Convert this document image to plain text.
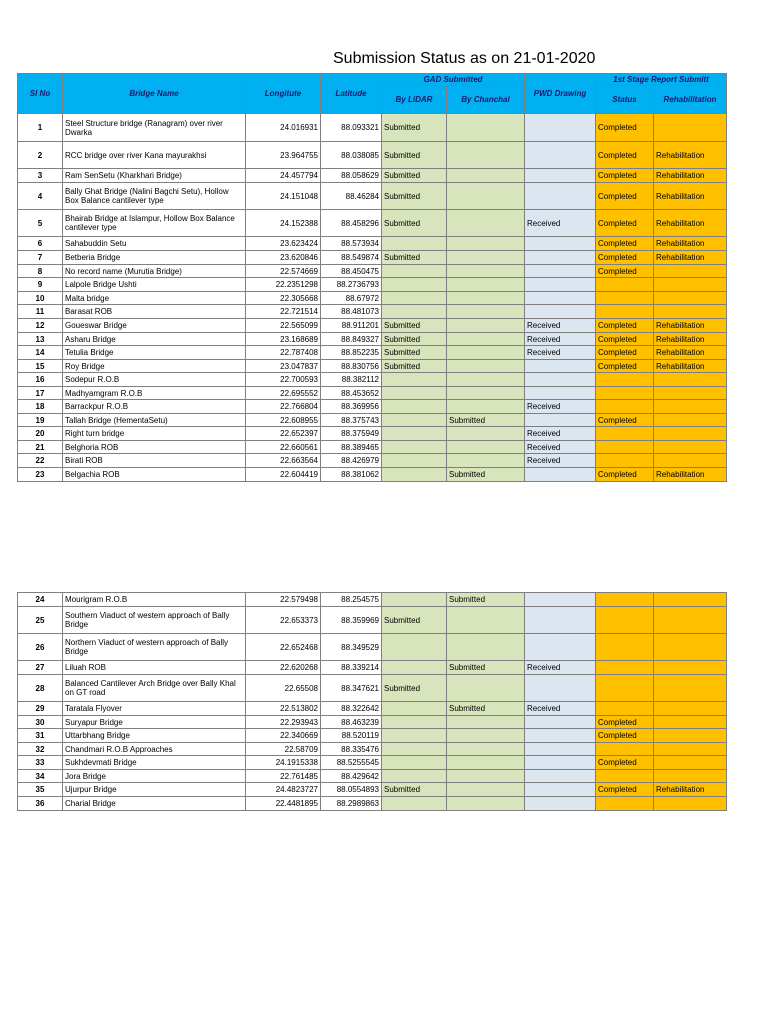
Submission Status as on 21-01-2020
Sl No	Bridge Name	Longitute	Latitude	GAD Submitted		PWD Drawing	1st Stage Report Submitt	
				By LiDAR	By Chanchal		Status	Rehabilitation
1	Steel Structure bridge (Ranagram) over river Dwarka	24.016931	88.093321	Submitted			Completed	
2	RCC bridge over river Kana mayurakhsi	23.964755	88.038085	Submitted			Completed	Rehabilitation
3	Ram SenSetu (Kharkhari Bridge)	24.457794	88.058629	Submitted			Completed	Rehabilitation
4	Bally Ghat Bridge (Nalini Bagchi Setu), Hollow Box Balance cantilever type	24.151048	88.46284	Submitted			Completed	Rehabilitation
5	Bhairab Bridge at Islampur, Hollow Box Balance cantilever type	24.152388	88.458296	Submitted		Received	Completed	Rehabilitation
6	Sahabuddin Setu	23.623424	88.573934				Completed	Rehabilitation
7	Betberia Bridge	23.620846	88.549874	Submitted			Completed	Rehabilitation
8	No record name (Murutia Bridge)	22.574669	88.450475				Completed	
9	Lalpole Bridge Ushti	22.2351298	88.2736793					
10	Malta bridge	22.305668	88.67972					
11	Barasat ROB	22.721514	88.481073					
12	Goueswar Bridge	22.565099	88.911201	Submitted		Received	Completed	Rehabilitation
13	Asharu Bridge	23.168689	88.849327	Submitted		Received	Completed	Rehabilitation
14	Tetulia Bridge	22.787408	88.852235	Submitted		Received	Completed	Rehabilitation
15	Roy Bridge	23.047837	88.830756	Submitted			Completed	Rehabilitation
16	Sodepur R.O.B	22.700593	88.382112					
17	Madhyamgram R.O.B	22.695552	88.453652					
18	Barrackpur R.O.B	22.766804	88.369956			Received		
19	Tallah Bridge (HementaSetu)	22.608955	88.375743		Submitted		Completed	
20	Right turn bridge	22.652397	88.375949			Received		
21	Belghoria ROB	22.660561	88.389465			Received		
22	Birati ROB	22.663564	88.426979			Received		
23	Belgachia ROB	22.604419	88.381062		Submitted		Completed	Rehabilitation
24	Mourigram R.O.B	22.579498	88.254575		Submitted			
25	Southern Viaduct of western approach of Bally Bridge	22.653373	88.359969	Submitted				
26	Northern Viaduct of western approach of Bally Bridge	22.652468	88.349529					
27	Liluah ROB	22.620268	88.339214		Submitted	Received		
28	Balanced Cantilever Arch Bridge over Bally Khal on GT road	22.65508	88.347621	Submitted				
29	Taratala Flyover	22.513802	88.322642		Submitted	Received		
30	Suryapur Bridge	22.293943	88.463239				Completed	
31	Uttarbhang Bridge	22.340669	88.520119				Completed	
32	Chandmari R.O.B Approaches	22.58709	88.335476					
33	Sukhdevmati Bridge	24.1915338	88.5255545				Completed	
34	Jora Bridge	22.761485	88.429642					
35	Ujurpur Bridge	24.4823727	88.0554893	Submitted			Completed	Rehabilitation
36	Charial Bridge	22.4481895	88.2989863					
